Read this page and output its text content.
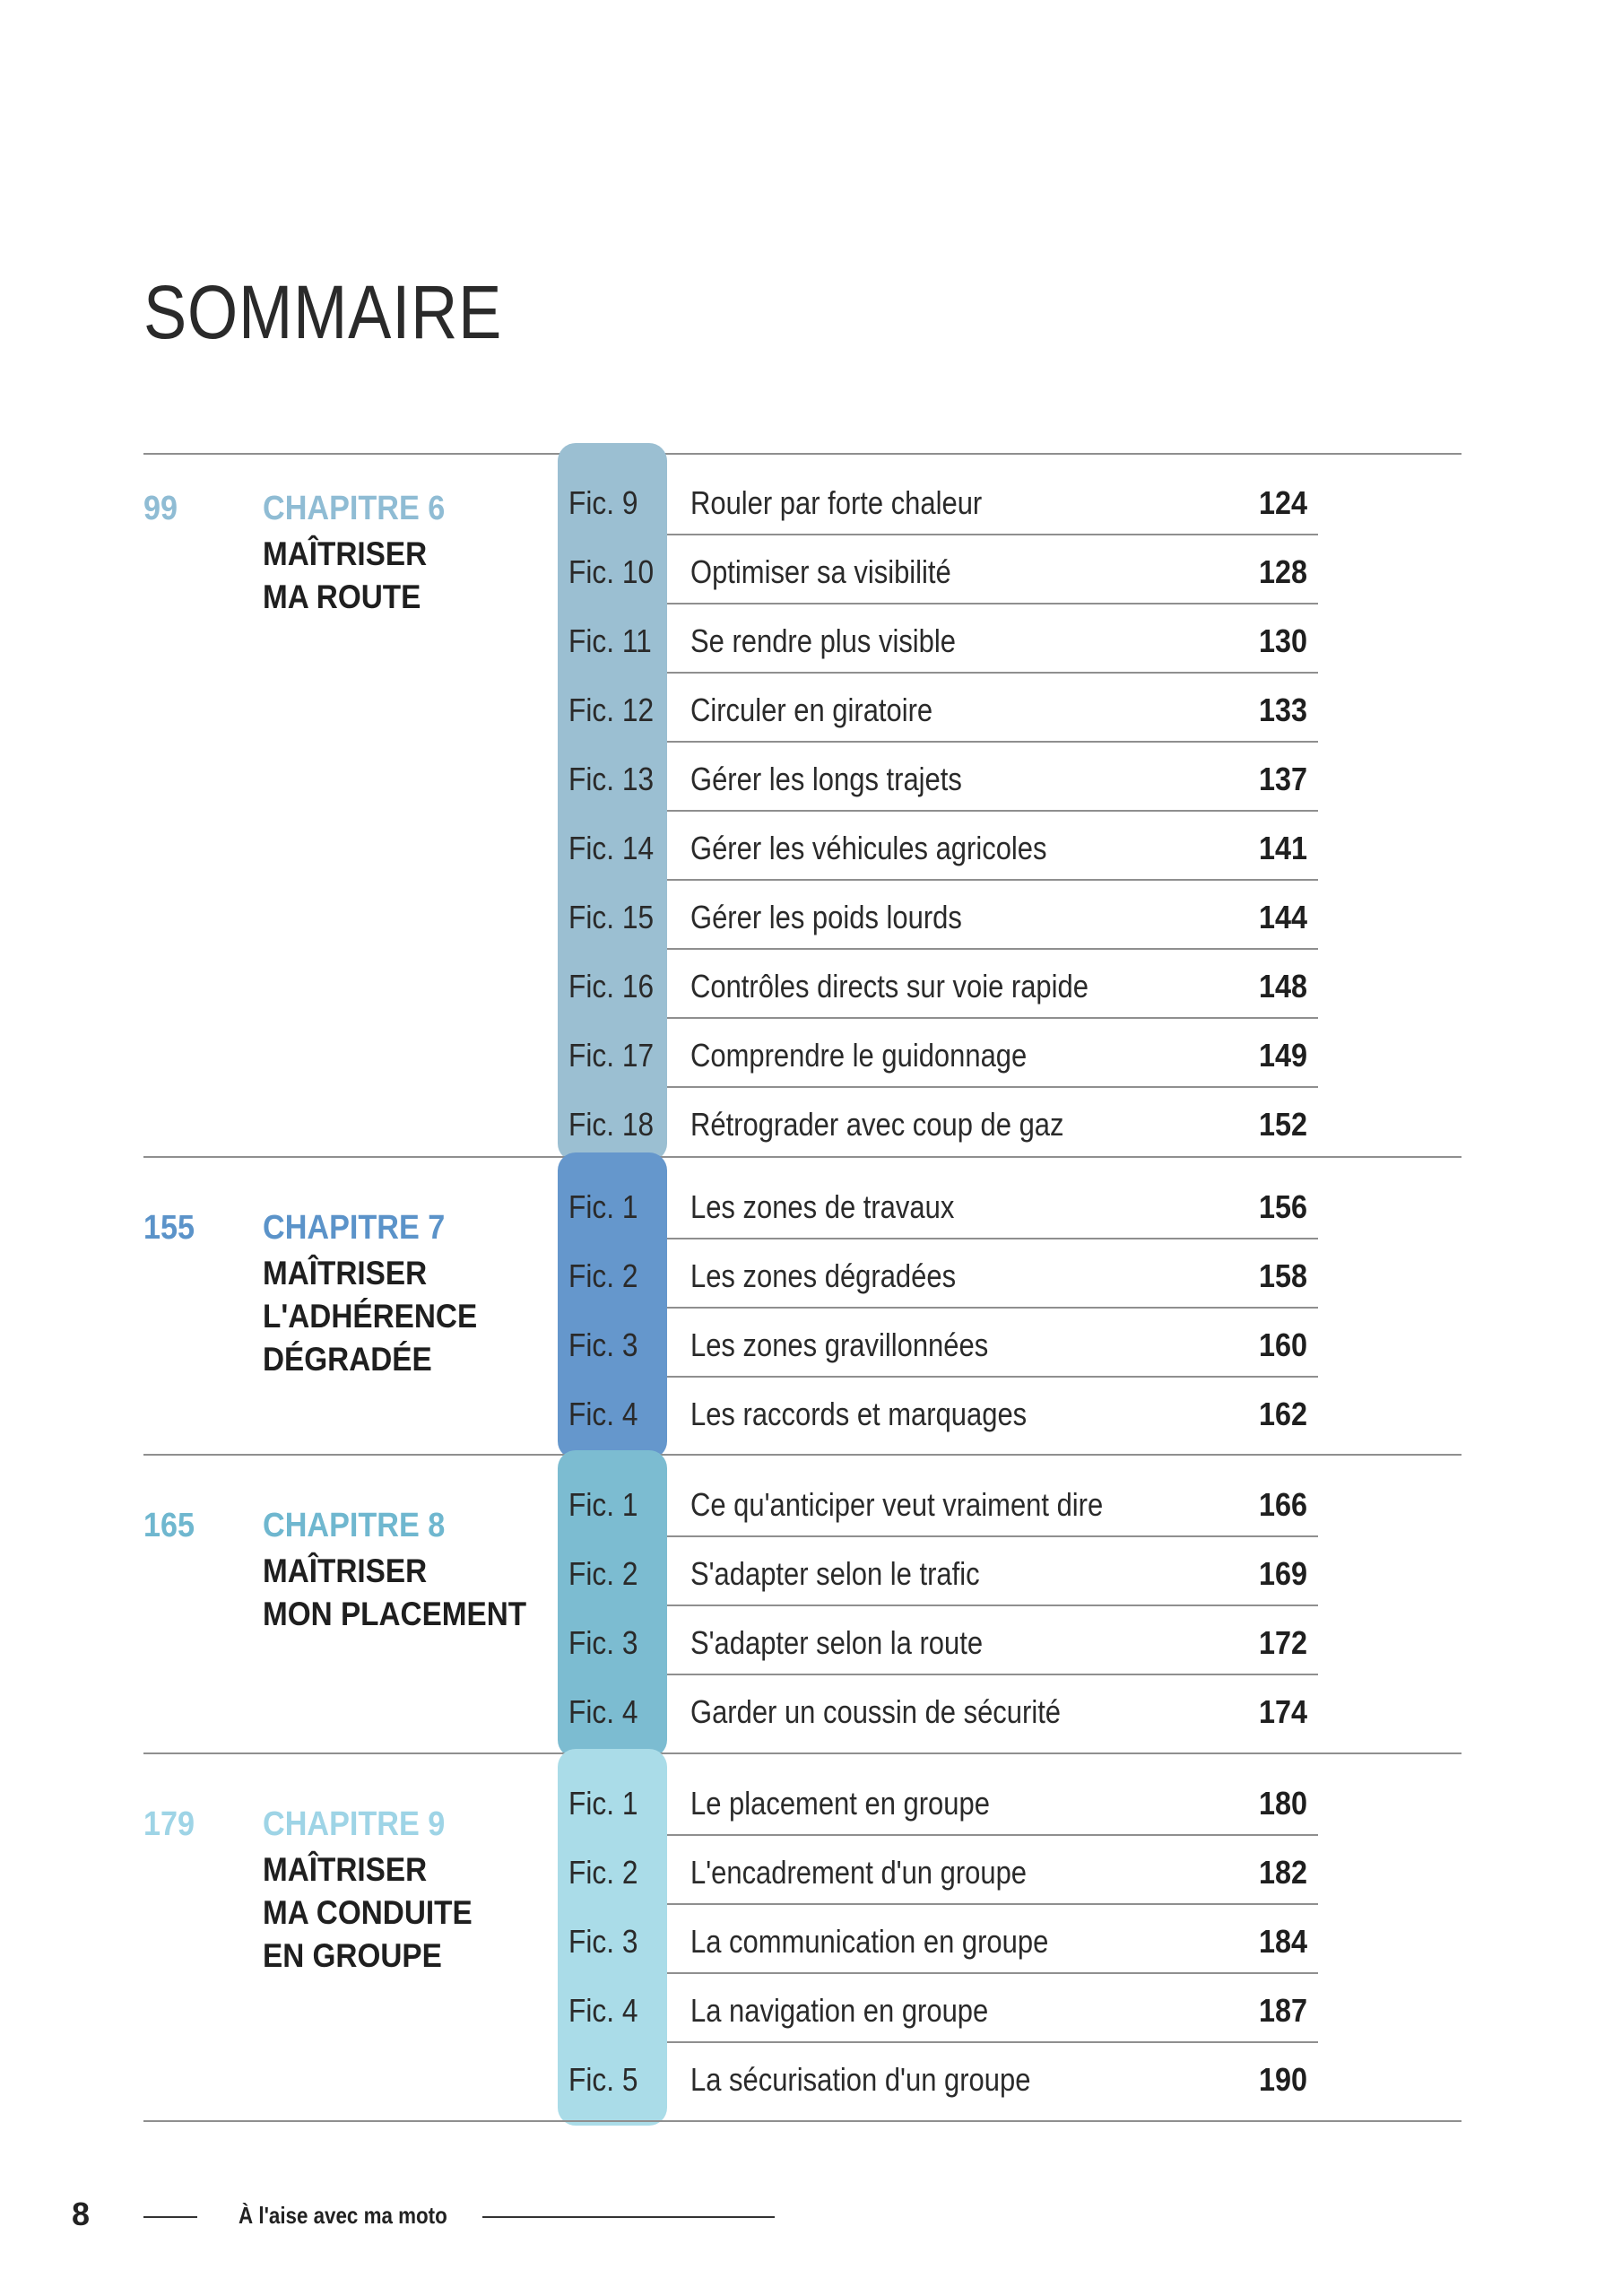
SOMMAIRE
99 CHAPITRE 6
MAÎTRISER
MA ROUTE
Fic. 9 Rouler par forte chaleur	124
Fic. 10 Optimiser sa visibilité	128
Fic. 11 Se rendre plus visible	130
Fic. 12 Circuler en giratoire	133
Fic. 13 Gérer les longs trajets	137
Fic. 14 Gérer les véhicules agricoles	141
Fic. 15 Gérer les poids lourds	144
Fic. 16 Contrôles directs sur voie rapide	148
Fic. 17 Comprendre le guidonnage	149
Fic. 18 Rétrograder avec coup de gaz	152
155 CHAPITRE 7
MAÎTRISER
L'ADHÉRENCE
DÉGRADÉE
Fic. 1 Les zones de travaux	156
Fic. 2 Les zones dégradées	158
Fic. 3 Les zones gravillonnées	160
Fic. 4 Les raccords et marquages	162
165 CHAPITRE 8
MAÎTRISER
MON PLACEMENT
Fic. 1 Ce qu'anticiper veut vraiment dire	166
Fic. 2 S'adapter selon le trafic	169
Fic. 3 S'adapter selon la route	172
Fic. 4 Garder un coussin de sécurité	174
179 CHAPITRE 9
MAÎTRISER
MA CONDUITE
EN GROUPE
Fic. 1 Le placement en groupe	180
Fic. 2 L'encadrement d'un groupe	182
Fic. 3 La communication en groupe	184
Fic. 4 La navigation en groupe	187
Fic. 5 La sécurisation d'un groupe	190
8	À l'aise avec ma moto
